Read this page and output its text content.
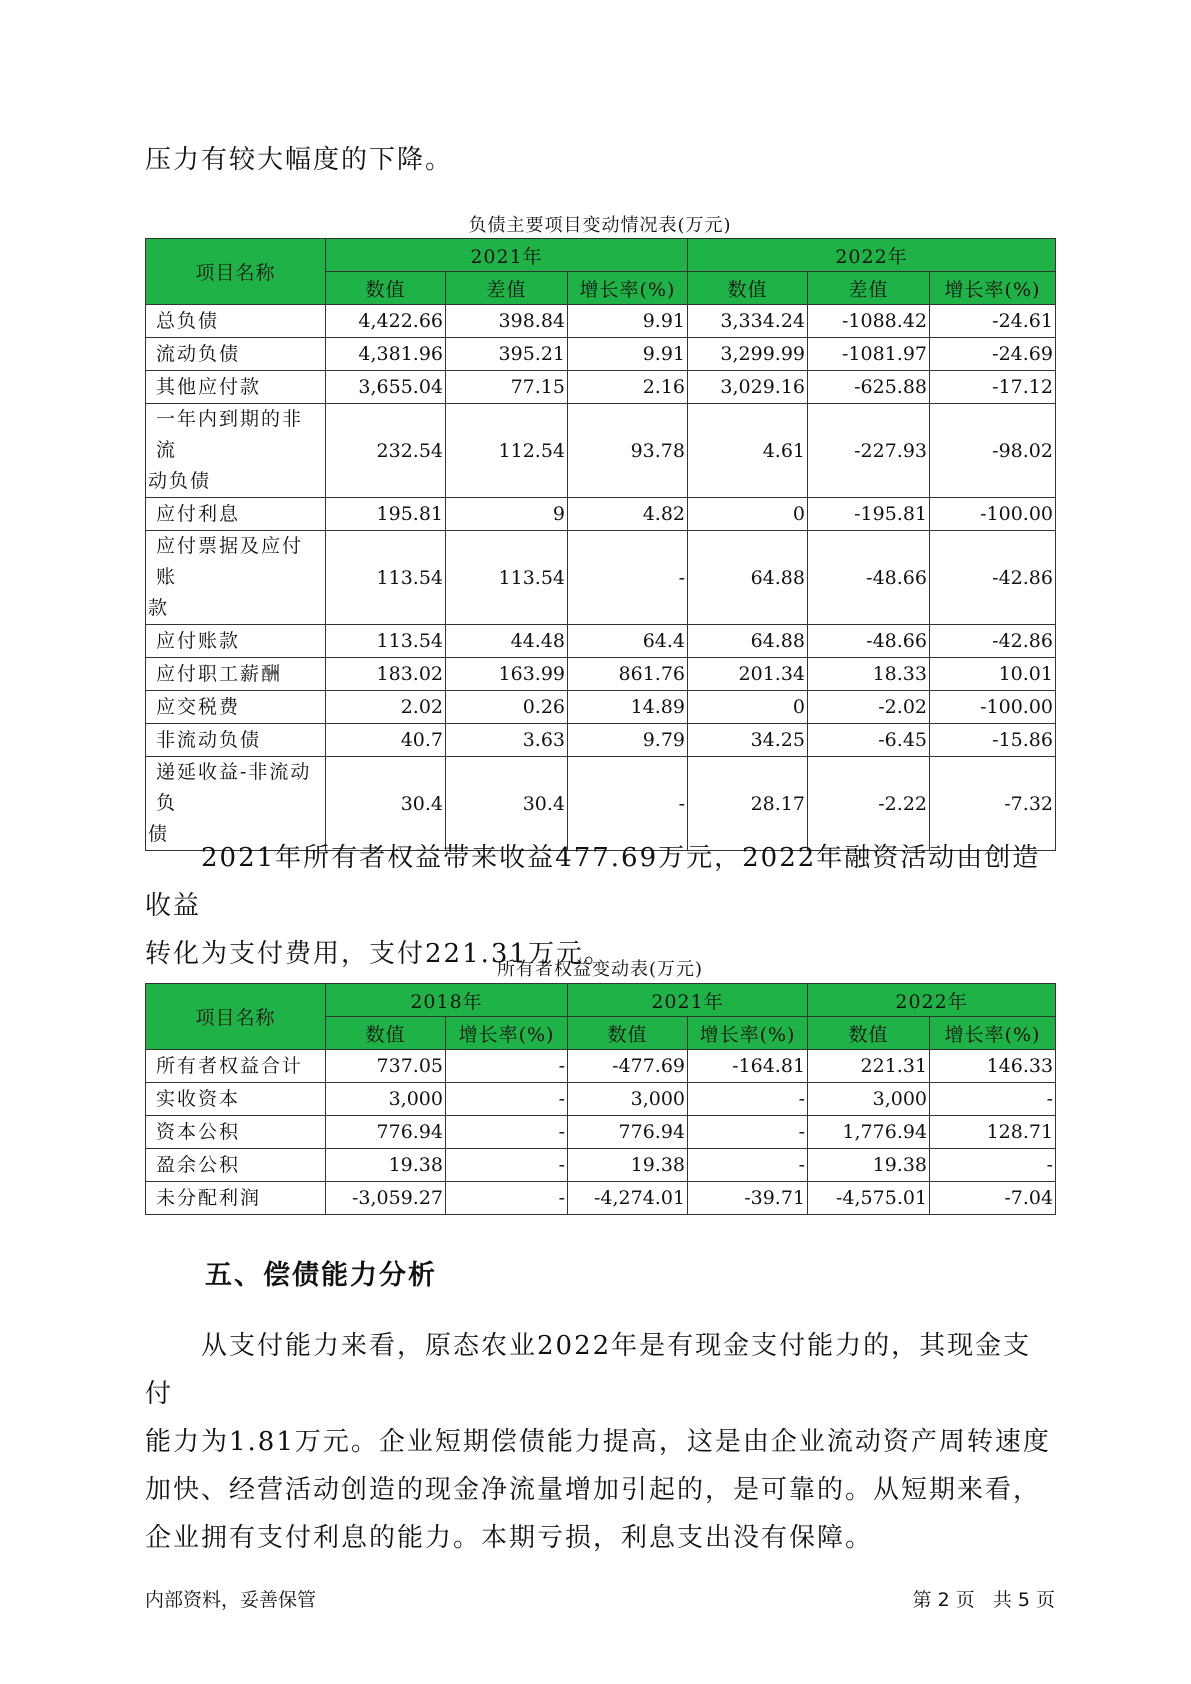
压力有较大幅度的下降。
负债主要项目变动情况表(万元)
项目名称	2021年			2022年		
	数值	差值	增长率(%)	数值	差值	增长率(%)
总负债	4,422.66	398.84	9.91	3,334.24	-1088.42	-24.61
流动负债	4,381.96	395.21	9.91	3,299.99	-1081.97	-24.69
其他应付款	3,655.04	77.15	2.16	3,029.16	-625.88	-17.12

一年内到期的非流
动负债	232.54	112.54	93.78	4.61	-227.93	-98.02
应付利息	195.81	9	4.82	0	-195.81	-100.00

应付票据及应付账
款	113.54	113.54	-	64.88	-48.66	-42.86
应付账款	113.54	44.48	64.4	64.88	-48.66	-42.86
应付职工薪酬	183.02	163.99	861.76	201.34	18.33	10.01
应交税费	2.02	0.26	14.89	0	-2.02	-100.00
非流动负债	40.7	3.63	9.79	34.25	-6.45	-15.86

递延收益-非流动负
债	30.4	30.4	-	28.17	-2.22	-7.32
2021年所有者权益带来收益477.69万元，2022年融资活动由创造收益
转化为支付费用，支付221.31万元。
所有者权益变动表(万元)
项目名称	2018年		2021年		2022年	
	数值	增长率(%)	数值	增长率(%)	数值	增长率(%)
所有者权益合计	737.05	-	-477.69	-164.81	221.31	146.33
实收资本	3,000	-	3,000	-	3,000	-
资本公积	776.94	-	776.94	-	1,776.94	128.71
盈余公积	19.38	-	19.38	-	19.38	-
未分配利润	-3,059.27	-	-4,274.01	-39.71	-4,575.01	-7.04
五、偿债能力分析
从支付能力来看，原态农业2022年是有现金支付能力的，其现金支付
能力为1.81万元。企业短期偿债能力提高，这是由企业流动资产周转速度
加快、经营活动创造的现金净流量增加引起的，是可靠的。从短期来看，
企业拥有支付利息的能力。本期亏损，利息支出没有保障。
内部资料，妥善保管	第 2 页   共 5 页
